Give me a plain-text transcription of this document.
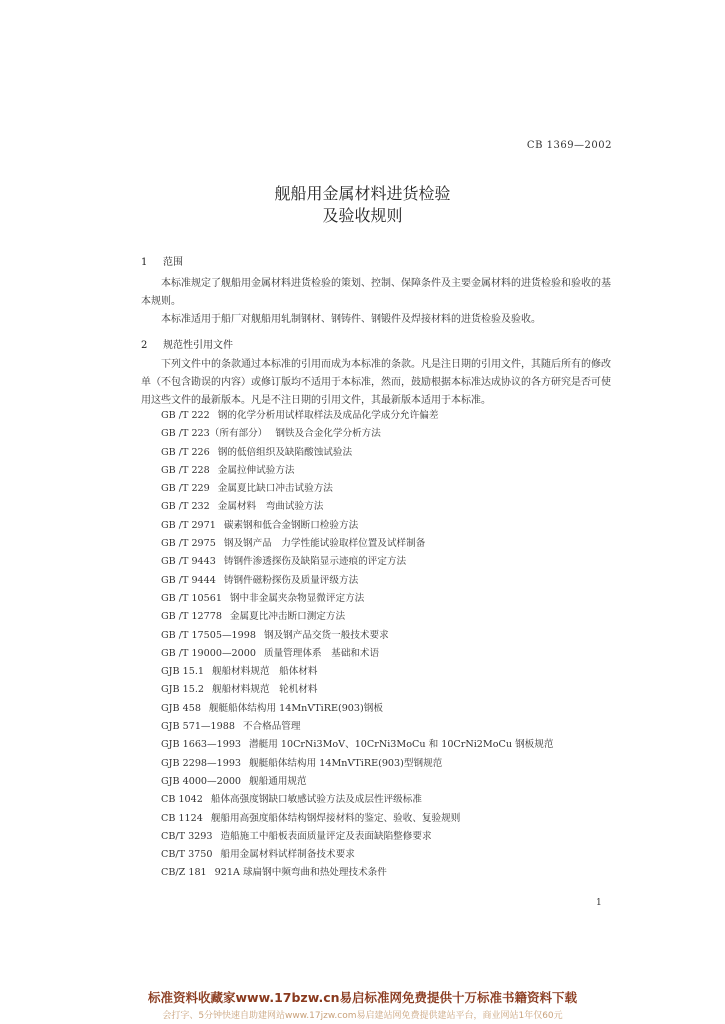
CB 1369—2002
舰船用金属材料进货检验
及验收规则
1 范围
本标准规定了舰船用金属材料进货检验的策划、控制、保障条件及主要金属材料的进货检验和验收的基本规则。
本标准适用于船厂对舰船用轧制钢材、钢铸件、钢锻件及焊接材料的进货检验及验收。
2 规范性引用文件
下列文件中的条款通过本标准的引用而成为本标准的条款。凡是注日期的引用文件，其随后所有的修改单（不包含勘误的内容）或修订版均不适用于本标准，然而，鼓励根据本标准达成协议的各方研究是否可使用这些文件的最新版本。凡是不注日期的引用文件，其最新版本适用于本标准。
GB /T 222 钢的化学分析用试样取样法及成品化学成分允许偏差
GB /T 223（所有部分） 钢铁及合金化学分析方法
GB /T 226 钢的低倍组织及缺陷酸蚀试验法
GB /T 228 金属拉伸试验方法
GB /T 229 金属夏比缺口冲击试验方法
GB /T 232 金属材料　弯曲试验方法
GB /T 2971 碳素钢和低合金钢断口检验方法
GB /T 2975 钢及钢产品　力学性能试验取样位置及试样制备
GB /T 9443 铸钢件渗透探伤及缺陷显示迹痕的评定方法
GB /T 9444 铸钢件磁粉探伤及质量评级方法
GB /T 10561 钢中非金属夹杂物显微评定方法
GB /T 12778 金属夏比冲击断口测定方法
GB /T 17505—1998 钢及钢产品交货一般技术要求
GB /T 19000—2000 质量管理体系　基础和术语
GJB 15.1 舰船材料规范　船体材料
GJB 15.2 舰船材料规范　轮机材料
GJB 458 舰艇船体结构用 14MnVTiRE(903)钢板
GJB 571—1988 不合格品管理
GJB 1663—1993 潜艇用 10CrNi3MoV、10CrNi3MoCu 和 10CrNi2MoCu 钢板规范
GJB 2298—1993 舰艇船体结构用 14MnVTiRE(903)型钢规范
GJB 4000—2000 舰船通用规范
CB 1042 船体高强度钢缺口敏感试验方法及成层性评级标准
CB 1124 舰船用高强度船体结构钢焊接材料的鉴定、验收、复验规则
CB/T 3293 造船施工中船板表面质量评定及表面缺陷整修要求
CB/T 3750 船用金属材料试样制备技术要求
CB/Z 181 921A 球扁钢中频弯曲和热处理技术条件
1
标准资料收藏家www.17bzw.cn易启标准网免费提供十万标准书籍资料下载
会打字、5分钟快速自助建网站www.17jzw.com易启建站网免费提供建站平台，商业网站1年仅60元
